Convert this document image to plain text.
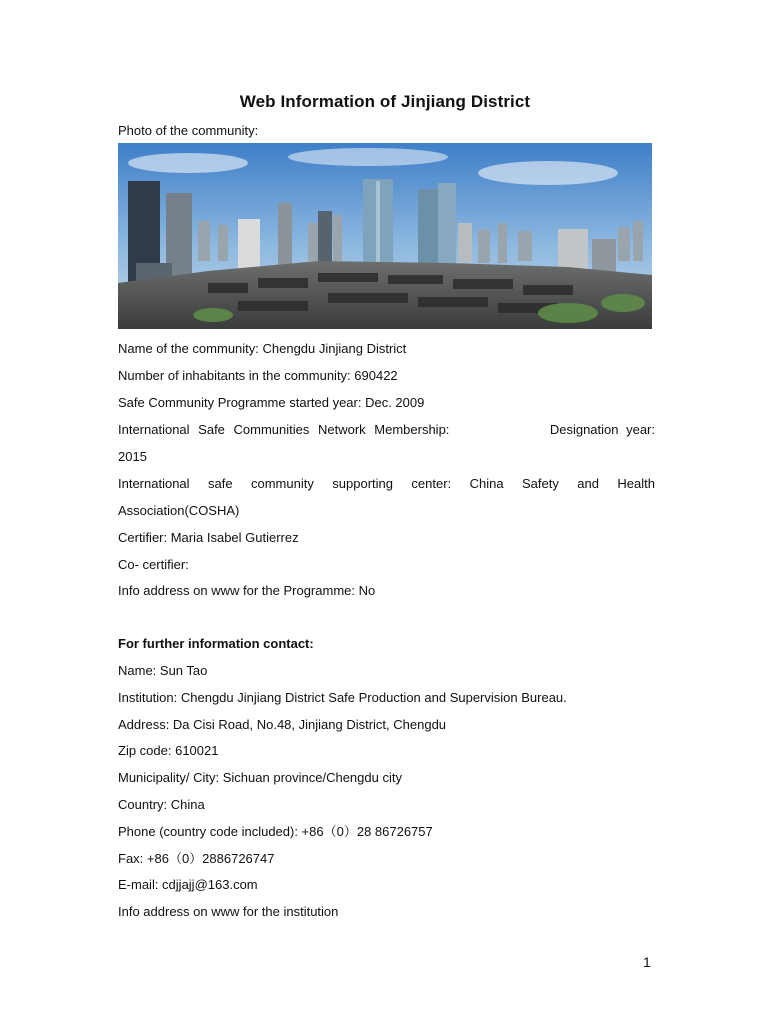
Web Information of Jinjiang District
Photo of the community:
Name of the community: Chengdu Jinjiang District
Number of inhabitants in the community: 690422
Safe Community Programme started year: Dec. 2009
International Safe Communities Network Membership:	Designation year:
2015
International safe community supporting center: China Safety and Health
Association(COSHA)
Certifier: Maria Isabel Gutierrez
Co- certifier:
Info address on www for the Programme: No
For further information contact:
Name: Sun Tao
Institution: Chengdu Jinjiang District Safe Production and Supervision Bureau.
Address: Da Cisi Road, No.48, Jinjiang District, Chengdu
Zip code: 610021
Municipality/ City: Sichuan province/Chengdu city
Country: China
Phone (country code included): +86（0）28 86726757
Fax: +86（0）2886726747
E-mail: cdjjajj@163.com
Info address on www for the institution
1
